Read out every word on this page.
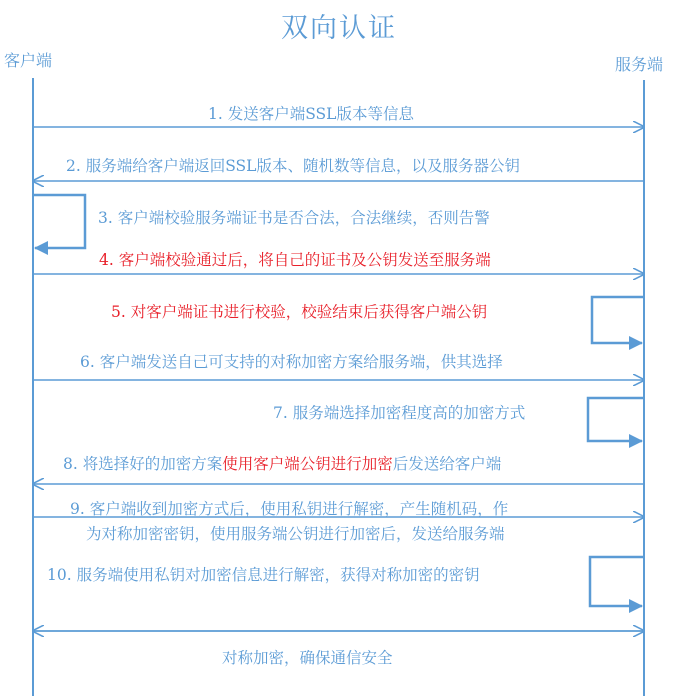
双向认证
客户端	服务端
1. 发送客户端SSL版本等信息
2. 服务端给客户端返回SSL版本、随机数等信息，以及服务器公钥
3. 客户端校验服务端证书是否合法，合法继续，否则告警
4. 客户端校验通过后，将自己的证书及公钥发送至服务端
5. 对客户端证书进行校验，校验结束后获得客户端公钥
6. 客户端发送自己可支持的对称加密方案给服务端，供其选择
7. 服务端选择加密程度高的加密方式
8. 将选择好的加密方案使用客户端公钥进行加密后发送给客户端
9. 客户端收到加密方式后，使用私钥进行解密，产生随机码，作
为对称加密密钥，使用服务端公钥进行加密后，发送给服务端
10. 服务端使用私钥对加密信息进行解密，获得对称加密的密钥
对称加密，确保通信安全
